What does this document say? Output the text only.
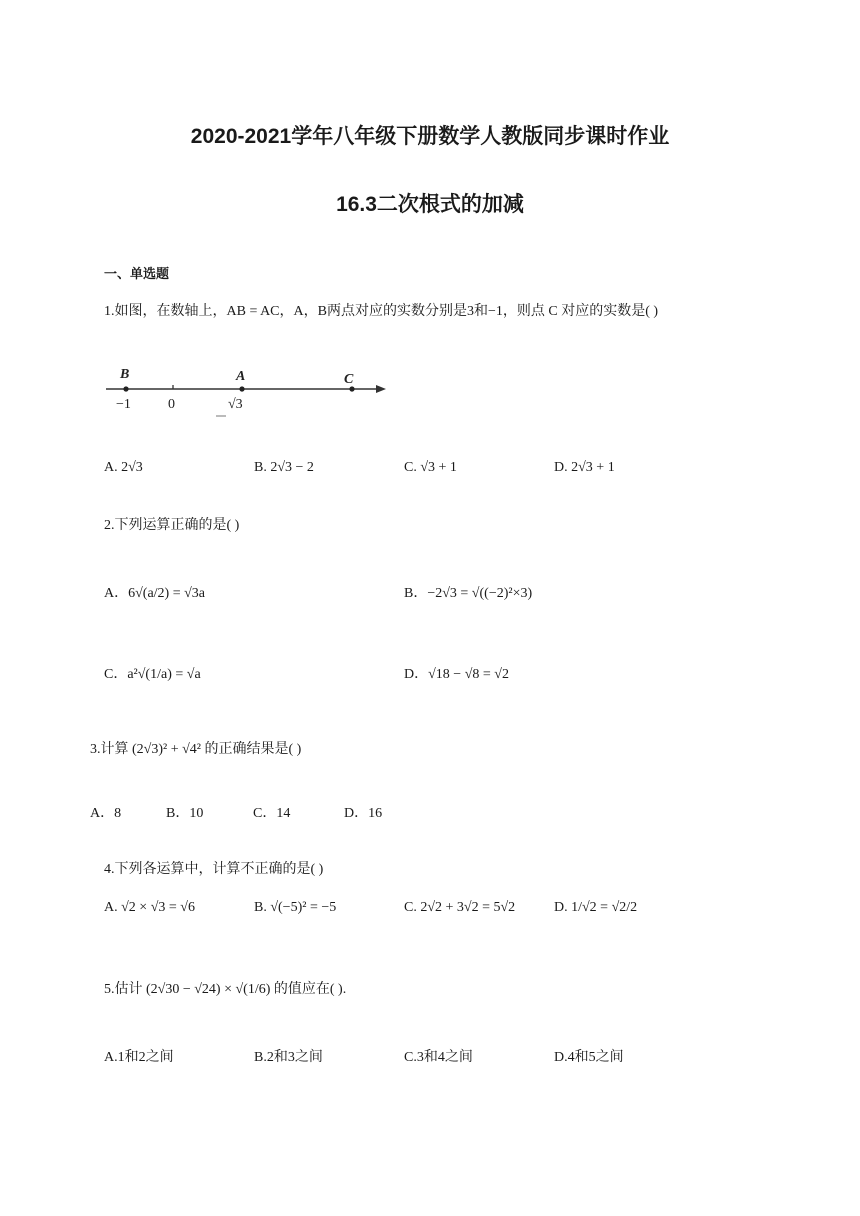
2020-2021学年八年级下册数学人教版同步课时作业
16.3二次根式的加减
一、单选题
1.如图，在数轴上，AB = AC，A，B两点对应的实数分别是3和−1，则点 C 对应的实数是( )
B	A	C
−1	0	√3
A. 2√3	B. 2√3 − 2	C. √3 + 1	D. 2√3 + 1
2.下列运算正确的是( )
A．6√(a/2) = √3a	B．−2√3 = √((−2)²×3)
C．a²√(1/a) = √a	D．√18 − √8 = √2
3.计算 (2√3)² + √4² 的正确结果是( )
A．8	B．10	C．14	D．16
4.下列各运算中，计算不正确的是( )
A. √2 × √3 = √6	B. √(−5)² = −5	C. 2√2 + 3√2 = 5√2	D. 1/√2 = √2/2
5.估计 (2√30 − √24) × √(1/6) 的值应在( ).
A.1和2之间	B.2和3之间	C.3和4之间	D.4和5之间
